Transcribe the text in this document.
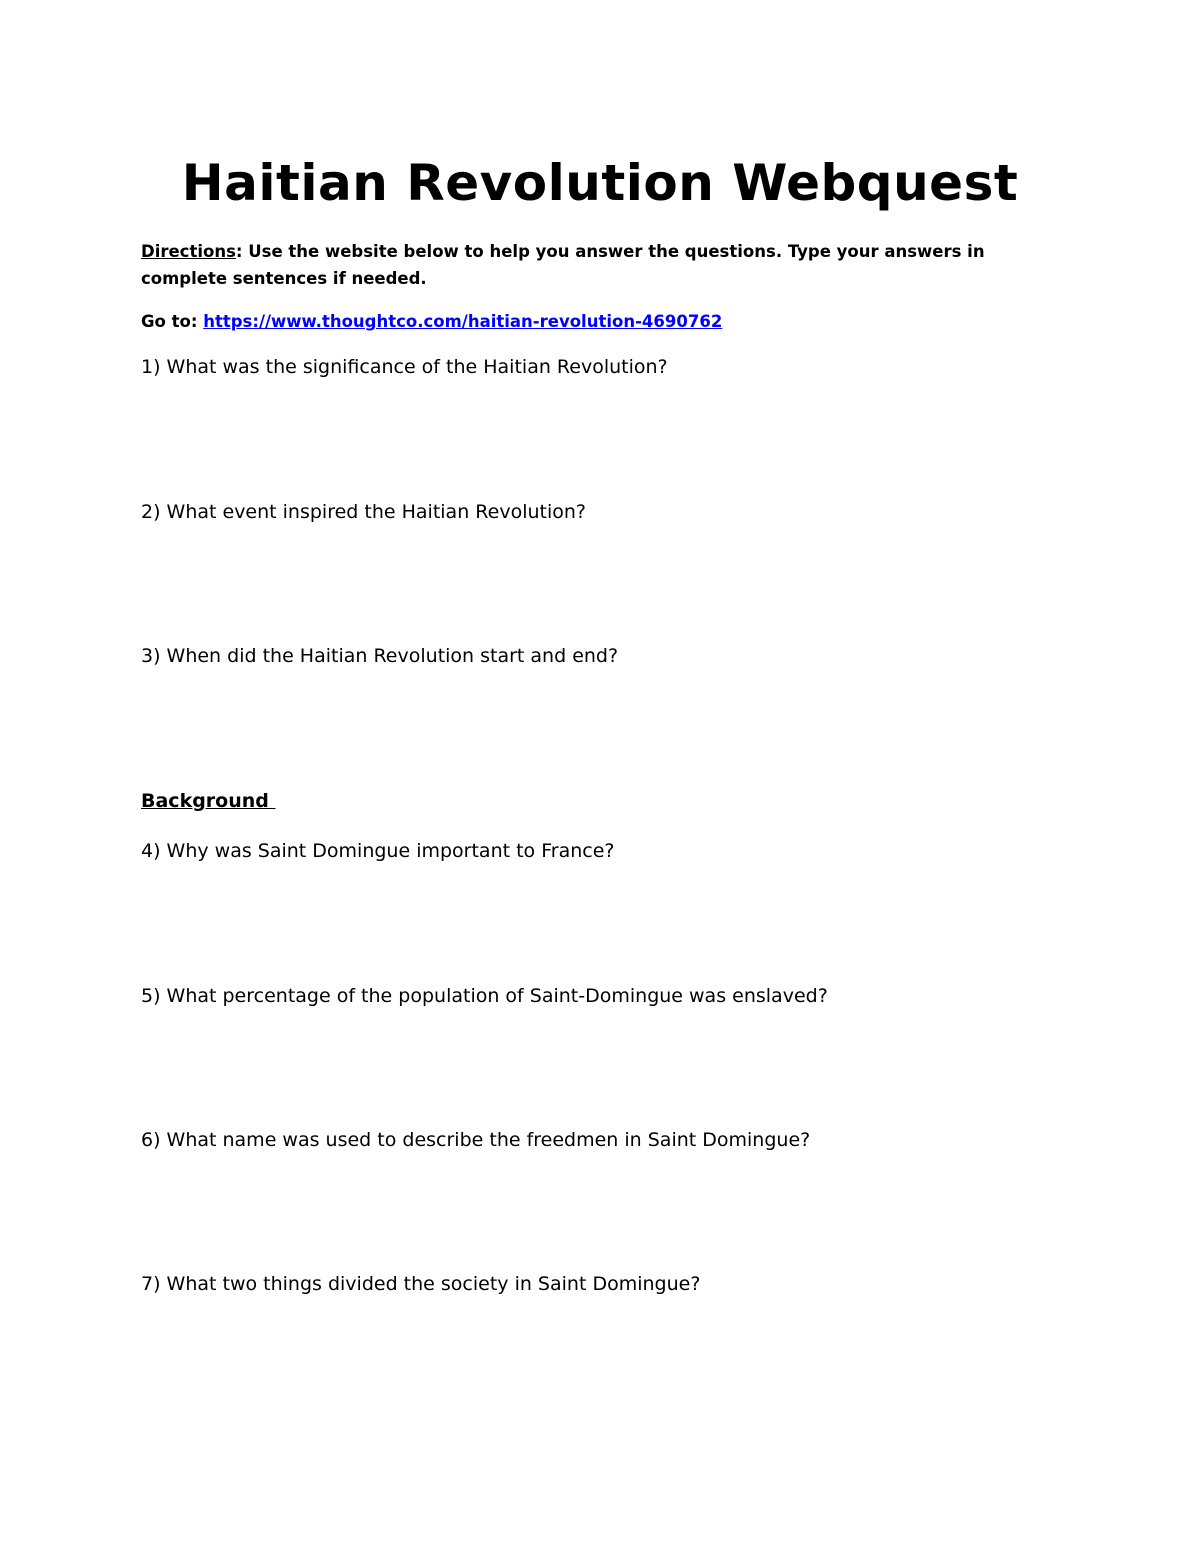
Haitian Revolution Webquest

Directions: Use the website below to help you answer the questions. Type your answers in complete sentences if needed.

Go to: https://www.thoughtco.com/haitian-revolution-4690762

1) What was the significance of the Haitian Revolution?

2) What event inspired the Haitian Revolution?

3) When did the Haitian Revolution start and end?

Background

4) Why was Saint Domingue important to France?

5) What percentage of the population of Saint-Domingue was enslaved?

6) What name was used to describe the freedmen in Saint Domingue?

7) What two things divided the society in Saint Domingue?
